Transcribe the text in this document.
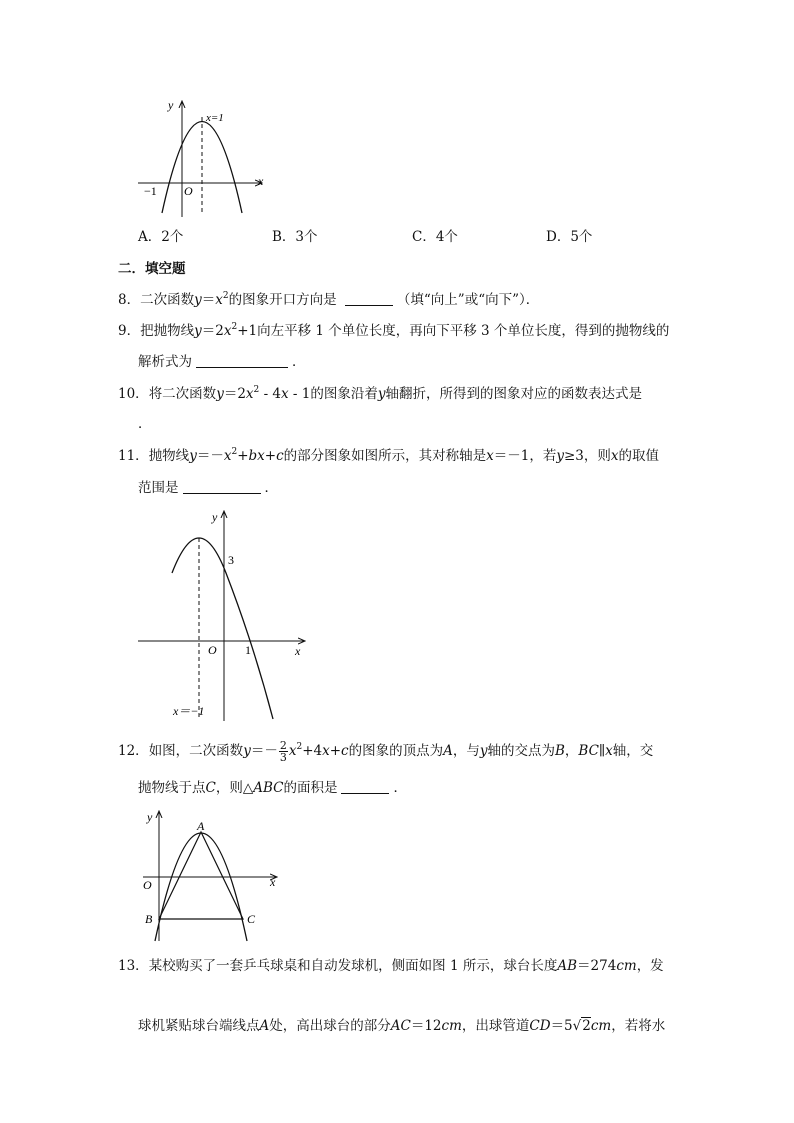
y
x
x=1
−1 O
A．2个	B．3个	C．4个	D．5个
二．填空题
8．二次函数$y=x^2$的图象开口方向是	（填“向上”或“向下”）．
9．把抛物线$y=2x^2+1$向左平移 1 个单位长度，再向下平移 3 个单位长度，得到的抛物线的
解析式为	．
10．将二次函数$y=2x^2 - 4x - 1$的图象沿着y轴翻折，所得到的图象对应的函数表达式是
．
11．抛物线$y=-x^2+bx+c$的部分图象如图所示，其对称轴是x＝－1，若y≥3，则x的取值
范围是	．
y
x
3
O 1
x＝−1
12．如图，二次函数$y=- \frac{2}{3} x^2+4x+c$的图象的顶点为A，与y轴的交点为B，BC∥x轴，交
抛物线于点C，则△ABC的面积是	．
y
x
A
B	C
O
13．某校购买了一套乒乓球桌和自动发球机，侧面如图 1 所示，球台长度AB＝274cm，发
球机紧贴球台端线点A处，高出球台的部分AC＝12cm，出球管道CD＝5√2cm，若将水
